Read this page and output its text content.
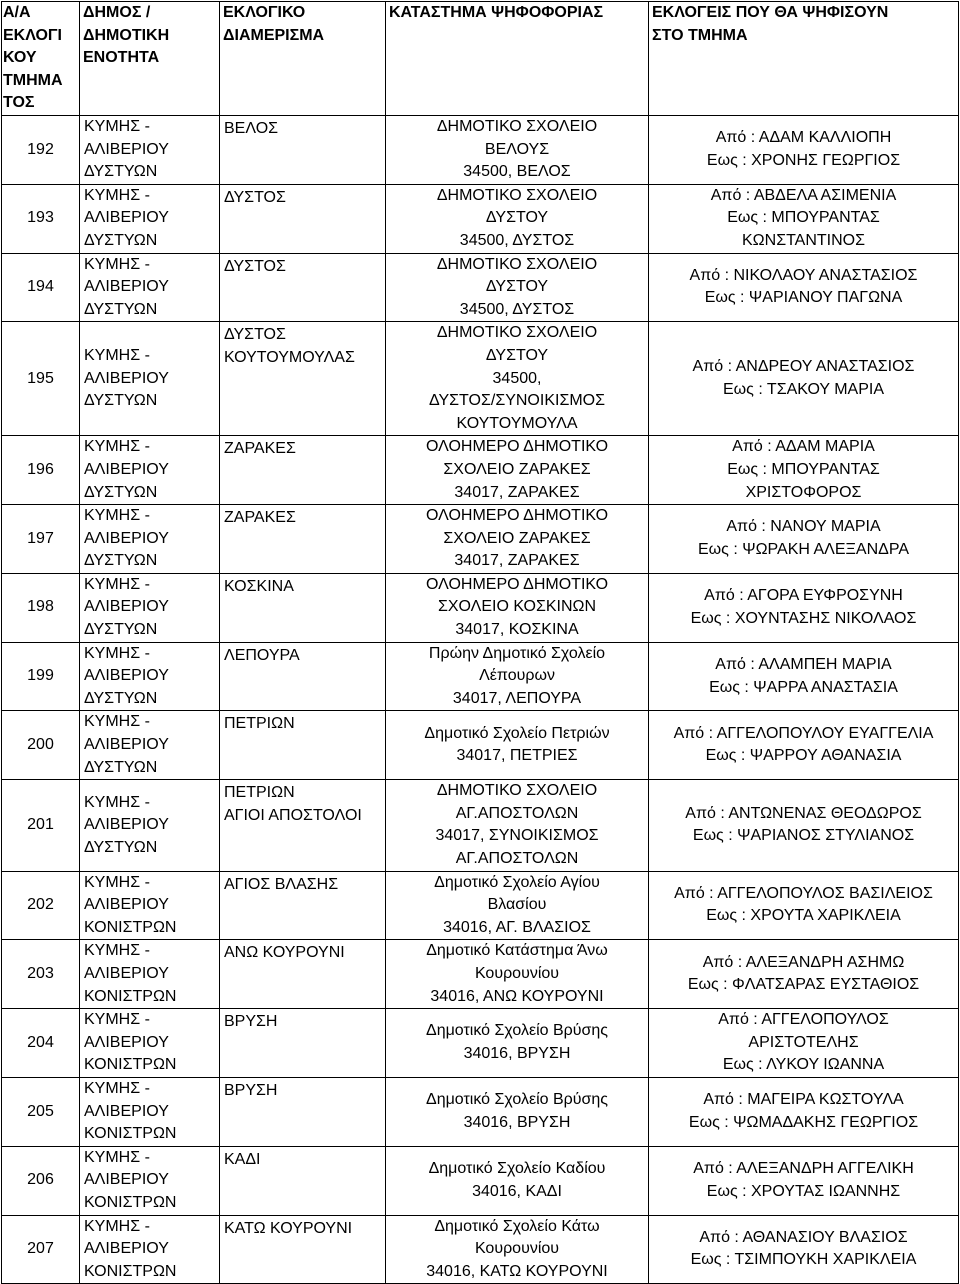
Α/Α
ΕΚΛΟΓΙ
ΚΟΥ
ΤΜΗΜΑ
ΤΟΣ	ΔΗΜΟΣ /
ΔΗΜΟΤΙΚΗ
ΕΝΟΤΗΤΑ	ΕΚΛΟΓΙΚΟ
ΔΙΑΜΕΡΙΣΜΑ	ΚΑΤΑΣΤΗΜΑ ΨΗΦΟΦΟΡΙΑΣ	ΕΚΛΟΓΕΙΣ ΠΟΥ ΘΑ ΨΗΦΙΣΟΥΝ
ΣΤΟ ΤΜΗΜΑ

192	ΚΥΜΗΣ -
ΑΛΙΒΕΡΙΟΥ
ΔΥΣΤΥΩΝ	ΒΕΛΟΣ	ΔΗΜΟΤΙΚΟ ΣΧΟΛΕΙΟ
ΒΕΛΟΥΣ
34500, ΒΕΛΟΣ	Από : ΑΔΑΜ ΚΑΛΛΙΟΠΗ
Εως : ΧΡΟΝΗΣ ΓΕΩΡΓΙΟΣ

193	ΚΥΜΗΣ -
ΑΛΙΒΕΡΙΟΥ
ΔΥΣΤΥΩΝ	ΔΥΣΤΟΣ	ΔΗΜΟΤΙΚΟ ΣΧΟΛΕΙΟ
ΔΥΣΤΟΥ
34500, ΔΥΣΤΟΣ	Από : ΑΒΔΕΛΑ ΑΣΙΜΕΝΙΑ
Εως : ΜΠΟΥΡΑΝΤΑΣ
ΚΩΝΣΤΑΝΤΙΝΟΣ

194	ΚΥΜΗΣ -
ΑΛΙΒΕΡΙΟΥ
ΔΥΣΤΥΩΝ	ΔΥΣΤΟΣ	ΔΗΜΟΤΙΚΟ ΣΧΟΛΕΙΟ
ΔΥΣΤΟΥ
34500, ΔΥΣΤΟΣ	Από : ΝΙΚΟΛΑΟΥ ΑΝΑΣΤΑΣΙΟΣ
Εως : ΨΑΡΙΑΝΟΥ ΠΑΓΩΝΑ

195	ΚΥΜΗΣ -
ΑΛΙΒΕΡΙΟΥ
ΔΥΣΤΥΩΝ	ΔΥΣΤΟΣ
ΚΟΥΤΟΥΜΟΥΛΑΣ	ΔΗΜΟΤΙΚΟ ΣΧΟΛΕΙΟ
ΔΥΣΤΟΥ
34500,
ΔΥΣΤΟΣ/ΣΥΝΟΙΚΙΣΜΟΣ
ΚΟΥΤΟΥΜΟΥΛΑ	Από : ΑΝΔΡΕΟΥ ΑΝΑΣΤΑΣΙΟΣ
Εως : ΤΣΑΚΟΥ ΜΑΡΙΑ

196	ΚΥΜΗΣ -
ΑΛΙΒΕΡΙΟΥ
ΔΥΣΤΥΩΝ	ΖΑΡΑΚΕΣ	ΟΛΟΗΜΕΡΟ ΔΗΜΟΤΙΚΟ
ΣΧΟΛΕΙΟ ΖΑΡΑΚΕΣ
34017, ΖΑΡΑΚΕΣ	Από : ΑΔΑΜ ΜΑΡΙΑ
Εως : ΜΠΟΥΡΑΝΤΑΣ
ΧΡΙΣΤΟΦΟΡΟΣ

197	ΚΥΜΗΣ -
ΑΛΙΒΕΡΙΟΥ
ΔΥΣΤΥΩΝ	ΖΑΡΑΚΕΣ	ΟΛΟΗΜΕΡΟ ΔΗΜΟΤΙΚΟ
ΣΧΟΛΕΙΟ ΖΑΡΑΚΕΣ
34017, ΖΑΡΑΚΕΣ	Από : ΝΑΝΟΥ ΜΑΡΙΑ
Εως : ΨΩΡΑΚΗ ΑΛΕΞΑΝΔΡΑ

198	ΚΥΜΗΣ -
ΑΛΙΒΕΡΙΟΥ
ΔΥΣΤΥΩΝ	ΚΟΣΚΙΝΑ	ΟΛΟΗΜΕΡΟ ΔΗΜΟΤΙΚΟ
ΣΧΟΛΕΙΟ ΚΟΣΚΙΝΩΝ
34017, ΚΟΣΚΙΝΑ	Από : ΑΓΟΡΑ ΕΥΦΡΟΣΥΝΗ
Εως : ΧΟΥΝΤΑΣΗΣ ΝΙΚΟΛΑΟΣ

199	ΚΥΜΗΣ -
ΑΛΙΒΕΡΙΟΥ
ΔΥΣΤΥΩΝ	ΛΕΠΟΥΡΑ	Πρώην Δημοτικό Σχολείο
Λέπουρων
34017, ΛΕΠΟΥΡΑ	Από : ΑΛΑΜΠΕΗ ΜΑΡΙΑ
Εως : ΨΑΡΡΑ ΑΝΑΣΤΑΣΙΑ

200	ΚΥΜΗΣ -
ΑΛΙΒΕΡΙΟΥ
ΔΥΣΤΥΩΝ	ΠΕΤΡΙΩΝ	Δημοτικό Σχολείο Πετριών
34017, ΠΕΤΡΙΕΣ	Από : ΑΓΓΕΛΟΠΟΥΛΟΥ ΕΥΑΓΓΕΛΙΑ
Εως : ΨΑΡΡΟΥ ΑΘΑΝΑΣΙΑ

201	ΚΥΜΗΣ -
ΑΛΙΒΕΡΙΟΥ
ΔΥΣΤΥΩΝ	ΠΕΤΡΙΩΝ
ΑΓΙΟΙ ΑΠΟΣΤΟΛΟΙ	ΔΗΜΟΤΙΚΟ ΣΧΟΛΕΙΟ
ΑΓ.ΑΠΟΣΤΟΛΩΝ
34017, ΣΥΝΟΙΚΙΣΜΟΣ
ΑΓ.ΑΠΟΣΤΟΛΩΝ	Από : ΑΝΤΩΝΕΝΑΣ ΘΕΟΔΩΡΟΣ
Εως : ΨΑΡΙΑΝΟΣ ΣΤΥΛΙΑΝΟΣ

202	ΚΥΜΗΣ -
ΑΛΙΒΕΡΙΟΥ
ΚΟΝΙΣΤΡΩΝ	ΑΓΙΟΣ ΒΛΑΣΗΣ	Δημοτικό Σχολείο Αγίου
Βλασίου
34016, ΑΓ. ΒΛΑΣΙΟΣ	Από : ΑΓΓΕΛΟΠΟΥΛΟΣ ΒΑΣΙΛΕΙΟΣ
Εως : ΧΡΟΥΤΑ ΧΑΡΙΚΛΕΙΑ

203	ΚΥΜΗΣ -
ΑΛΙΒΕΡΙΟΥ
ΚΟΝΙΣΤΡΩΝ	ΑΝΩ ΚΟΥΡΟΥΝΙ	Δημοτικό Κατάστημα Άνω
Κουρουνίου
34016, ΑΝΩ ΚΟΥΡΟΥΝΙ	Από : ΑΛΕΞΑΝΔΡΗ ΑΣΗΜΩ
Εως : ΦΛΑΤΣΑΡΑΣ ΕΥΣΤΑΘΙΟΣ

204	ΚΥΜΗΣ -
ΑΛΙΒΕΡΙΟΥ
ΚΟΝΙΣΤΡΩΝ	ΒΡΥΣΗ	Δημοτικό Σχολείο Βρύσης
34016, ΒΡΥΣΗ	Από : ΑΓΓΕΛΟΠΟΥΛΟΣ
ΑΡΙΣΤΟΤΕΛΗΣ
Εως : ΛΥΚΟΥ ΙΩΑΝΝΑ

205	ΚΥΜΗΣ -
ΑΛΙΒΕΡΙΟΥ
ΚΟΝΙΣΤΡΩΝ	ΒΡΥΣΗ	Δημοτικό Σχολείο Βρύσης
34016, ΒΡΥΣΗ	Από : ΜΑΓΕΙΡΑ ΚΩΣΤΟΥΛΑ
Εως : ΨΩΜΑΔΑΚΗΣ ΓΕΩΡΓΙΟΣ

206	ΚΥΜΗΣ -
ΑΛΙΒΕΡΙΟΥ
ΚΟΝΙΣΤΡΩΝ	ΚΑΔΙ	Δημοτικό Σχολείο Καδίου
34016, ΚΑΔΙ	Από : ΑΛΕΞΑΝΔΡΗ ΑΓΓΕΛΙΚΗ
Εως : ΧΡΟΥΤΑΣ ΙΩΑΝΝΗΣ

207	ΚΥΜΗΣ -
ΑΛΙΒΕΡΙΟΥ
ΚΟΝΙΣΤΡΩΝ	ΚΑΤΩ ΚΟΥΡΟΥΝΙ	Δημοτικό Σχολείο Κάτω
Κουρουνίου
34016, ΚΑΤΩ ΚΟΥΡΟΥΝΙ	Από : ΑΘΑΝΑΣΙΟΥ ΒΛΑΣΙΟΣ
Εως : ΤΣΙΜΠΟΥΚΗ ΧΑΡΙΚΛΕΙΑ
